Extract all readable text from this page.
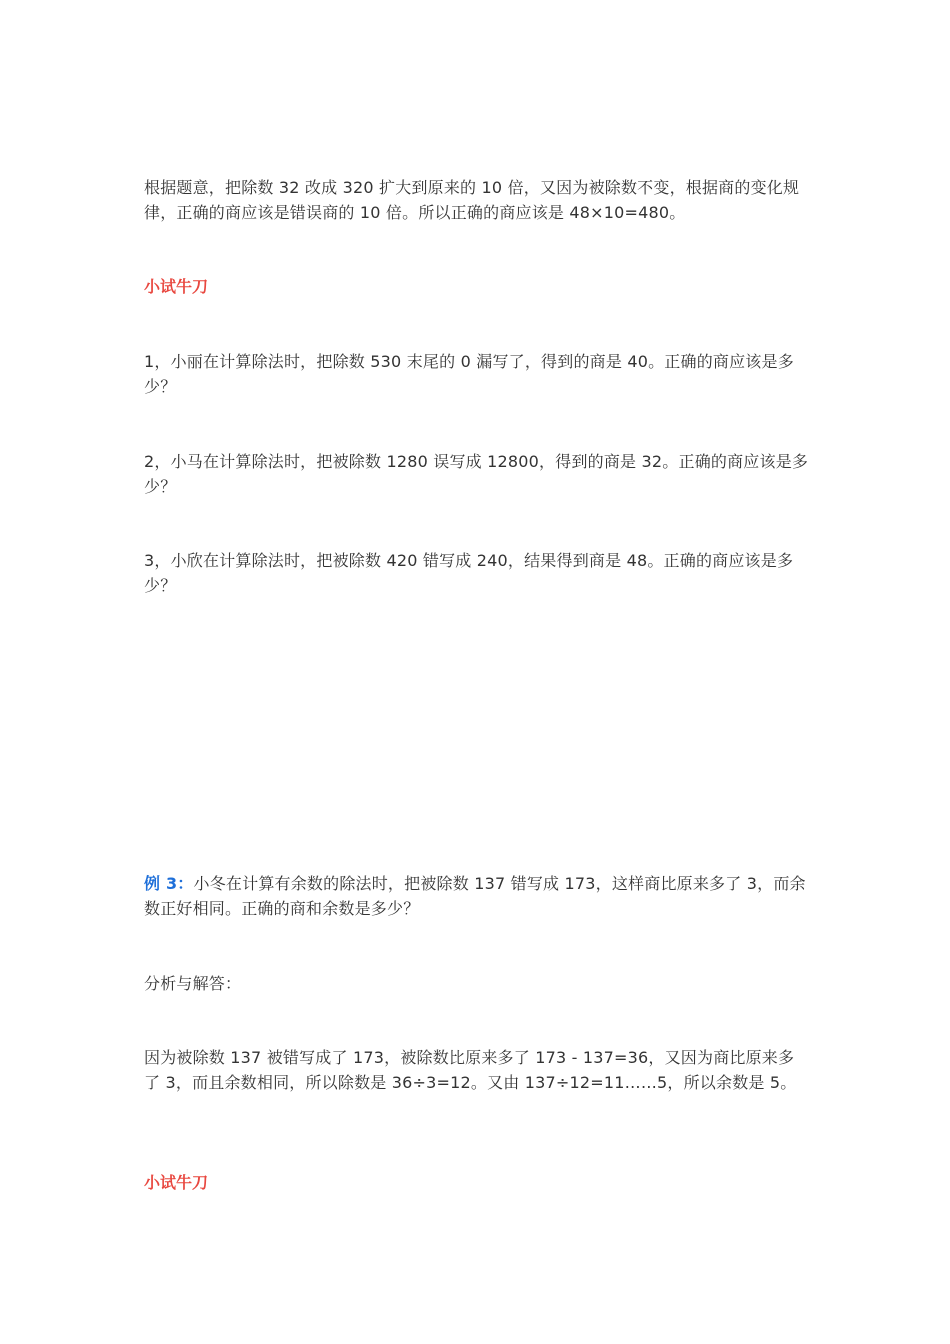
根据题意，把除数 32 改成 320 扩大到原来的 10 倍，又因为被除数不变，根据商的变化规律，正确的商应该是错误商的 10 倍。所以正确的商应该是 48×10=480。

小试牛刀

1，小丽在计算除法时，把除数 530 末尾的 0 漏写了，得到的商是 40。正确的商应该是多少？

2，小马在计算除法时，把被除数 1280 误写成 12800，得到的商是 32。正确的商应该是多少？

3，小欣在计算除法时，把被除数 420 错写成 240，结果得到商是 48。正确的商应该是多少？

例 3：小冬在计算有余数的除法时，把被除数 137 错写成 173，这样商比原来多了 3，而余数正好相同。正确的商和余数是多少？

分析与解答：

因为被除数 137 被错写成了 173，被除数比原来多了 173 - 137=36，又因为商比原来多了 3，而且余数相同，所以除数是 36÷3=12。又由 137÷12=11……5，所以余数是 5。

小试牛刀
